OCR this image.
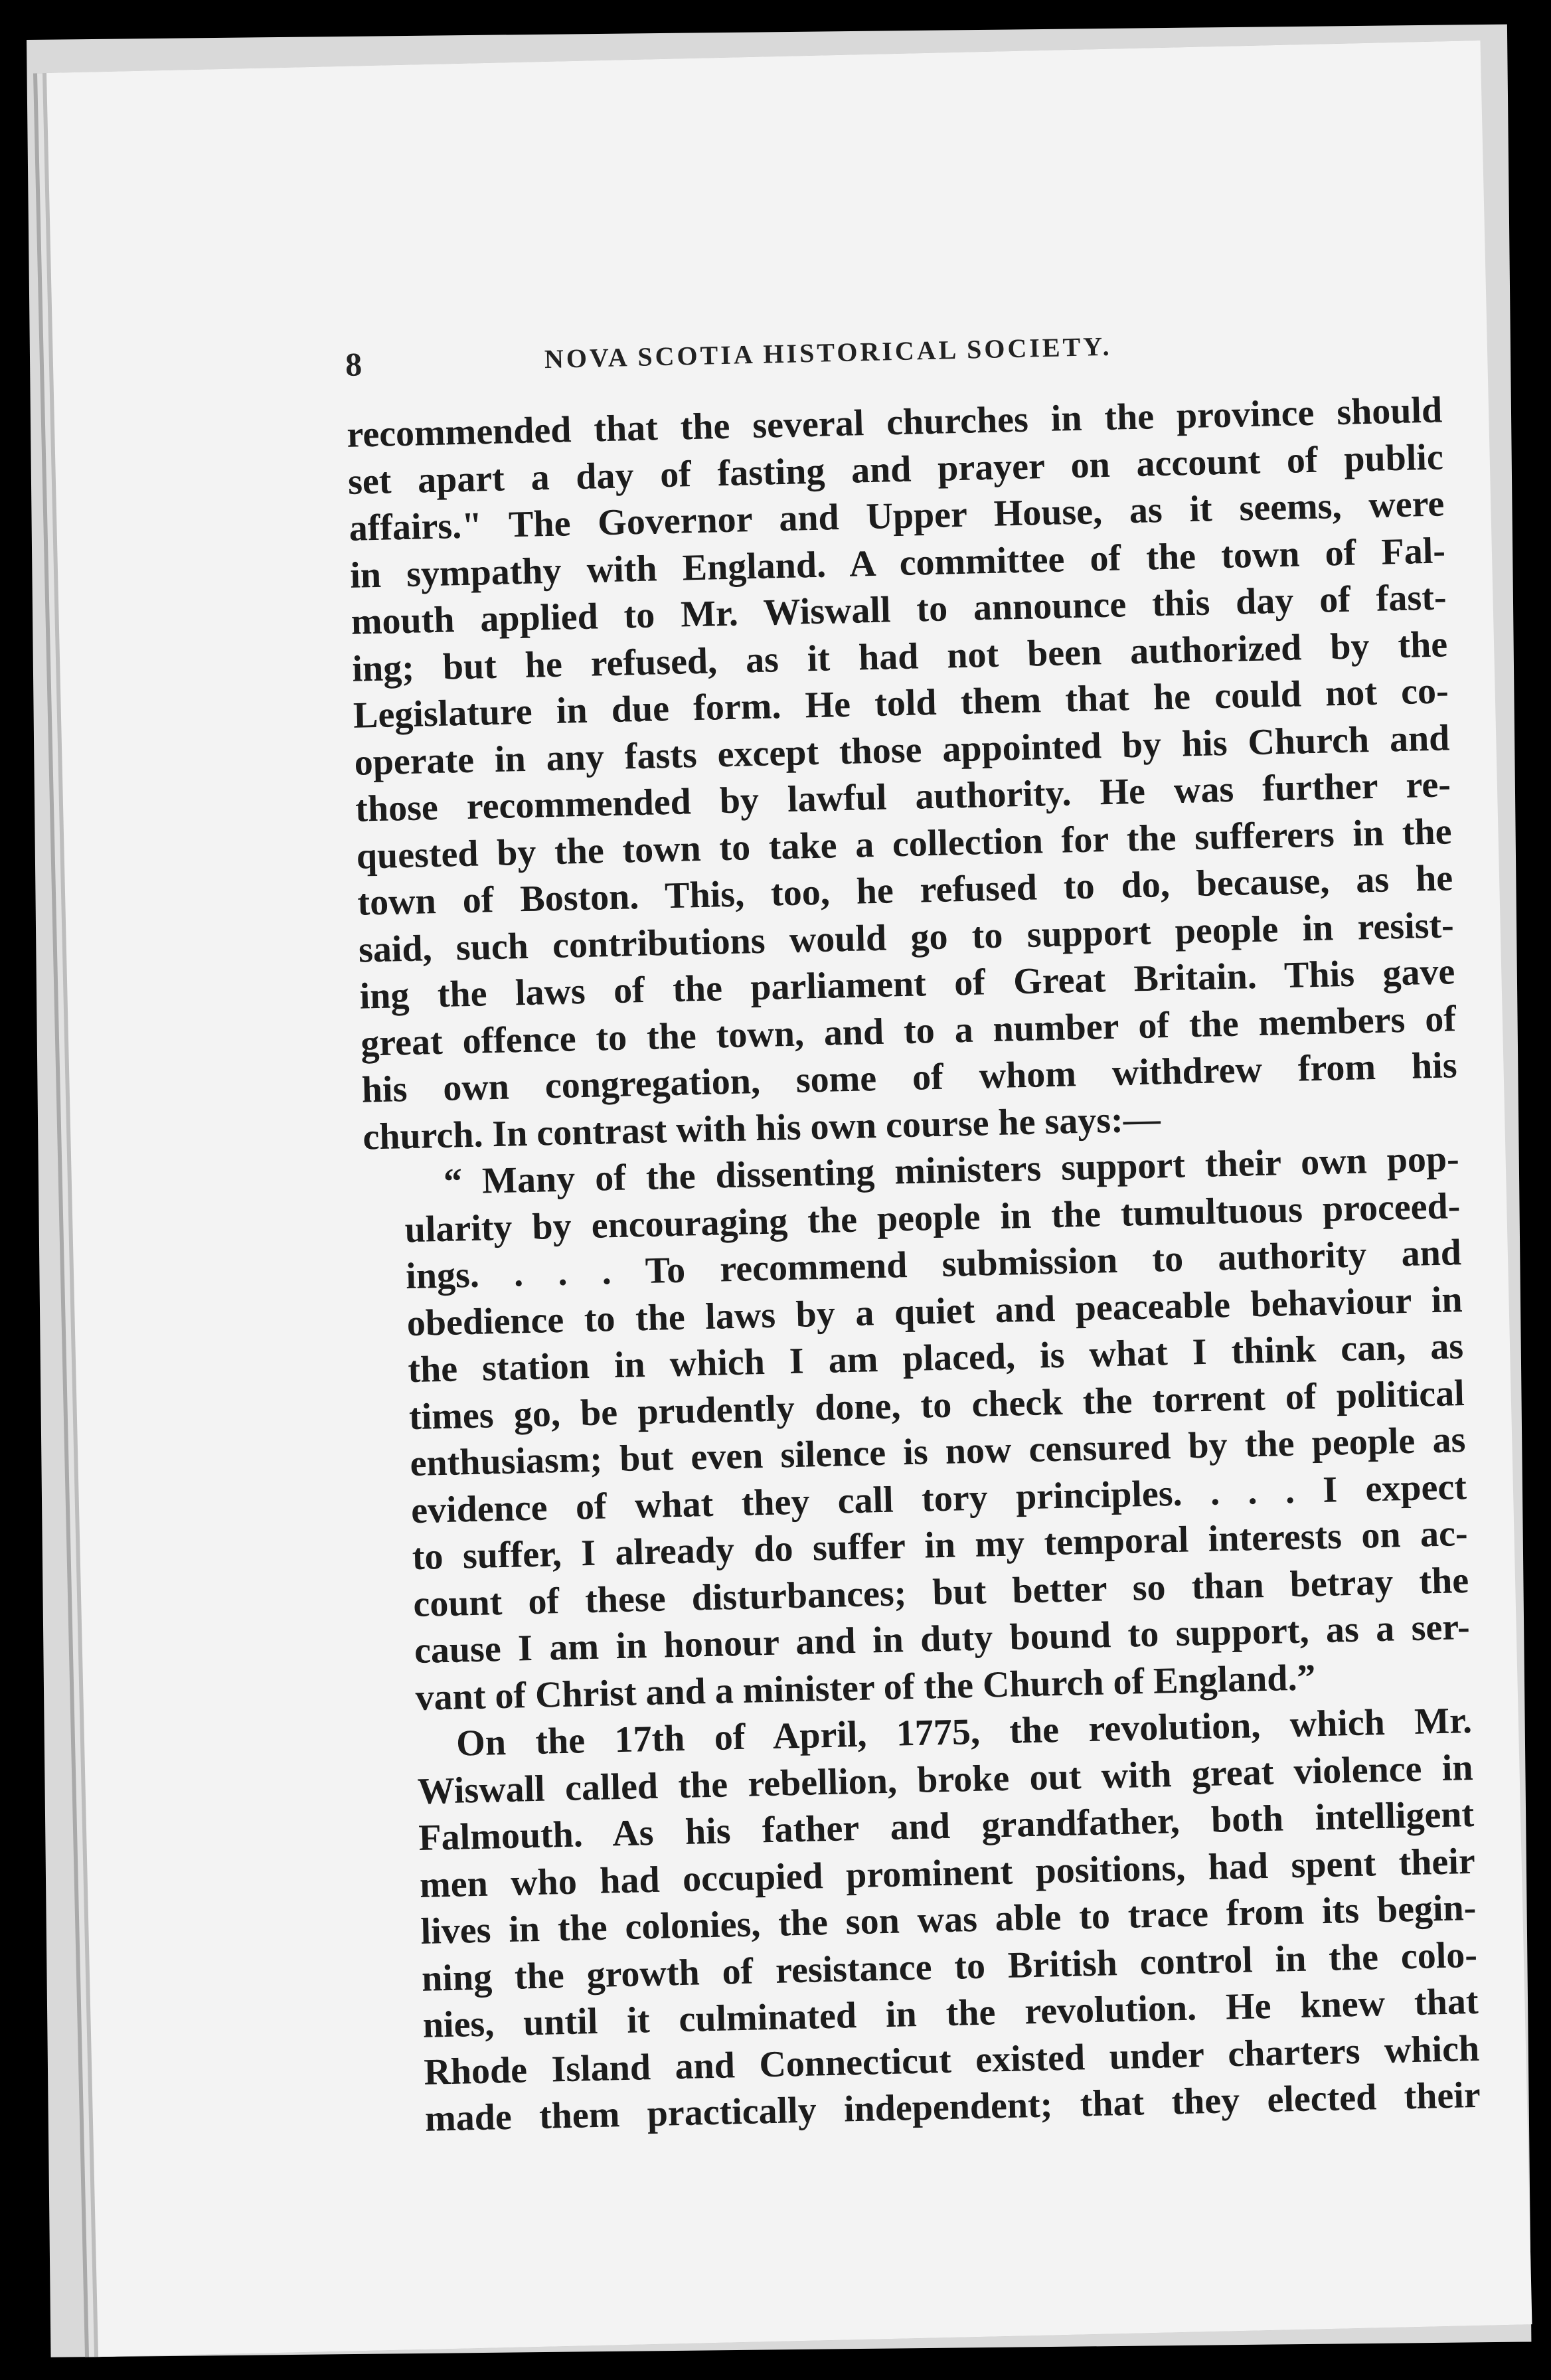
8	NOVA SCOTIA HISTORICAL SOCIETY.

recommended that the several churches in the province should
set apart a day of fasting and prayer on account of public
affairs." The Governor and Upper House, as it seems, were
in sympathy with England. A committee of the town of Fal-
mouth applied to Mr. Wiswall to announce this day of fast-
ing; but he refused, as it had not been authorized by the
Legislature in due form. He told them that he could not co-
operate in any fasts except those appointed by his Church and
those recommended by lawful authority. He was further re-
quested by the town to take a collection for the sufferers in the
town of Boston. This, too, he refused to do, because, as he
said, such contributions would go to support people in resist-
ing the laws of the parliament of Great Britain. This gave
great offence to the town, and to a number of the members of
his own congregation, some of whom withdrew from his
church. In contrast with his own course he says:—

“ Many of the dissenting ministers support their own pop-
ularity by encouraging the people in the tumultuous proceed-
ings. . . . To recommend submission to authority and
obedience to the laws by a quiet and peaceable behaviour in
the station in which I am placed, is what I think can, as
times go, be prudently done, to check the torrent of political
enthusiasm; but even silence is now censured by the people as
evidence of what they call tory principles. . . . I expect
to suffer, I already do suffer in my temporal interests on ac-
count of these disturbances; but better so than betray the
cause I am in honour and in duty bound to support, as a ser-
vant of Christ and a minister of the Church of England.”

On the 17th of April, 1775, the revolution, which Mr.
Wiswall called the rebellion, broke out with great violence in
Falmouth. As his father and grandfather, both intelligent
men who had occupied prominent positions, had spent their
lives in the colonies, the son was able to trace from its begin-
ning the growth of resistance to British control in the colo-
nies, until it culminated in the revolution. He knew that
Rhode Island and Connecticut existed under charters which
made them practically independent; that they elected their
